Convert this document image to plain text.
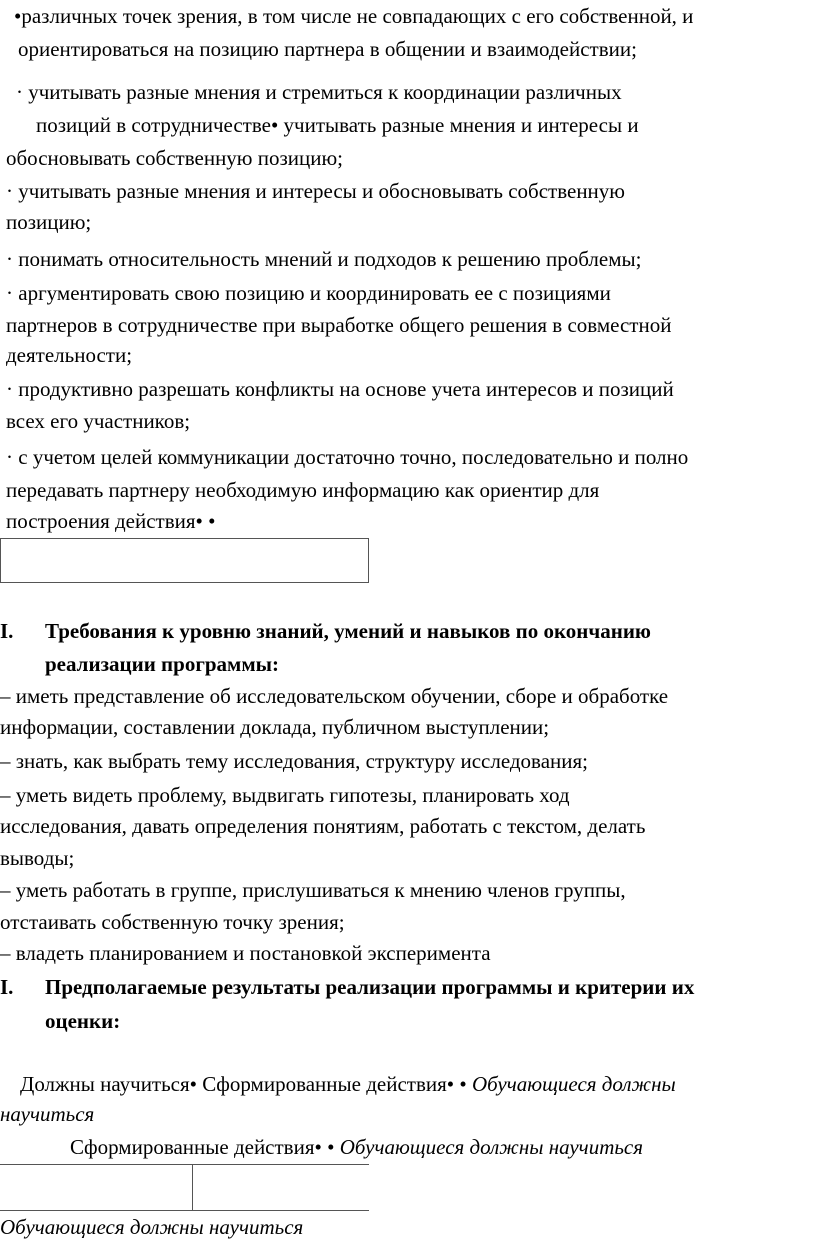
•различных точек зрения, в том числе не совпадающих с его собственной, и
ориентироваться на позицию партнера в общении и взаимодействии;
· учитывать разные мнения и стремиться к координации различных
позиций в сотрудничестве• учитывать разные мнения и интересы и
обосновывать собственную позицию;
· учитывать разные мнения и интересы и обосновывать собственную
позицию;
· понимать относительность мнений и подходов к решению проблемы;
· аргументировать свою позицию и координировать ее с позициями
партнеров в сотрудничестве при выработке общего решения в совместной
деятельности;
· продуктивно разрешать конфликты на основе учета интересов и позиций
всех его участников;
· с учетом целей коммуникации достаточно точно, последовательно и полно
передавать партнеру необходимую информацию как ориентир для
построения действия• •
I. Требования к уровню знаний, умений и навыков по окончанию
реализации программы:
– иметь представление об исследовательском обучении, сборе и обработке
информации, составлении доклада, публичном выступлении;
– знать, как выбрать тему исследования, структуру исследования;
– уметь видеть проблему, выдвигать гипотезы, планировать ход
исследования, давать определения понятиям, работать с текстом, делать
выводы;
– уметь работать в группе, прислушиваться к мнению членов группы,
отстаивать собственную точку зрения;
– владеть планированием и постановкой эксперимента
I. Предполагаемые результаты реализации программы и критерии их
оценки:
Должны научиться• Сформированные действия• • Обучающиеся должны
научиться
Сформированные действия• • Обучающиеся должны научиться
Обучающиеся должны научиться
